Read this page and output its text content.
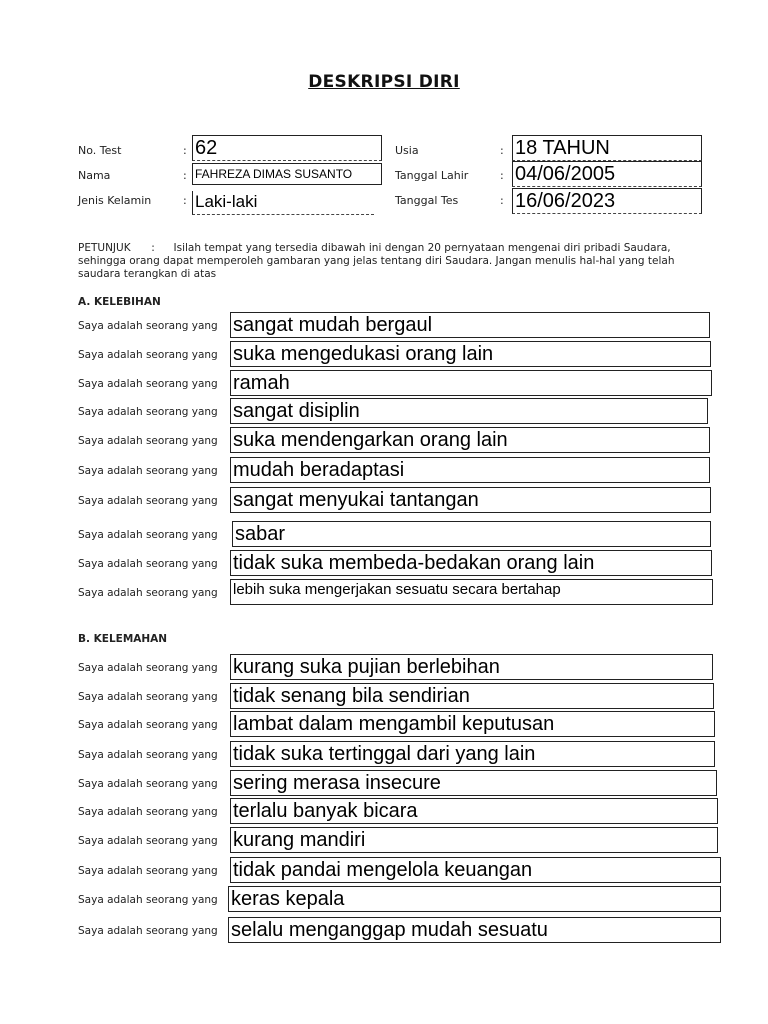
DESKRIPSI DIRI
No. Test	: 62
Nama	: FAHREZA DIMAS SUSANTO
Jenis Kelamin	: Laki-laki
Usia	: 18 TAHUN
Tanggal Lahir	: 04/06/2005
Tanggal Tes	: 16/06/2023
PETUNJUK : Isilah tempat yang tersedia dibawah ini dengan 20 pernyataan mengenai diri pribadi Saudara, sehingga orang dapat memperoleh gambaran yang jelas tentang diri Saudara. Jangan menulis hal-hal yang telah saudara terangkan di atas
A. KELEBIHAN
Saya adalah seorang yang sangat mudah bergaul
Saya adalah seorang yang suka mengedukasi orang lain
Saya adalah seorang yang ramah
Saya adalah seorang yang sangat disiplin
Saya adalah seorang yang suka mendengarkan orang lain
Saya adalah seorang yang mudah beradaptasi
Saya adalah seorang yang sangat menyukai tantangan
Saya adalah seorang yang sabar
Saya adalah seorang yang tidak suka membeda-bedakan orang lain
Saya adalah seorang yang lebih suka mengerjakan sesuatu secara bertahap
B. KELEMAHAN
Saya adalah seorang yang kurang suka pujian berlebihan
Saya adalah seorang yang tidak senang bila sendirian
Saya adalah seorang yang lambat dalam mengambil keputusan
Saya adalah seorang yang tidak suka tertinggal dari yang lain
Saya adalah seorang yang sering merasa insecure
Saya adalah seorang yang terlalu banyak bicara
Saya adalah seorang yang kurang mandiri
Saya adalah seorang yang tidak pandai mengelola keuangan
Saya adalah seorang yang keras kepala
Saya adalah seorang yang selalu menganggap mudah sesuatu
